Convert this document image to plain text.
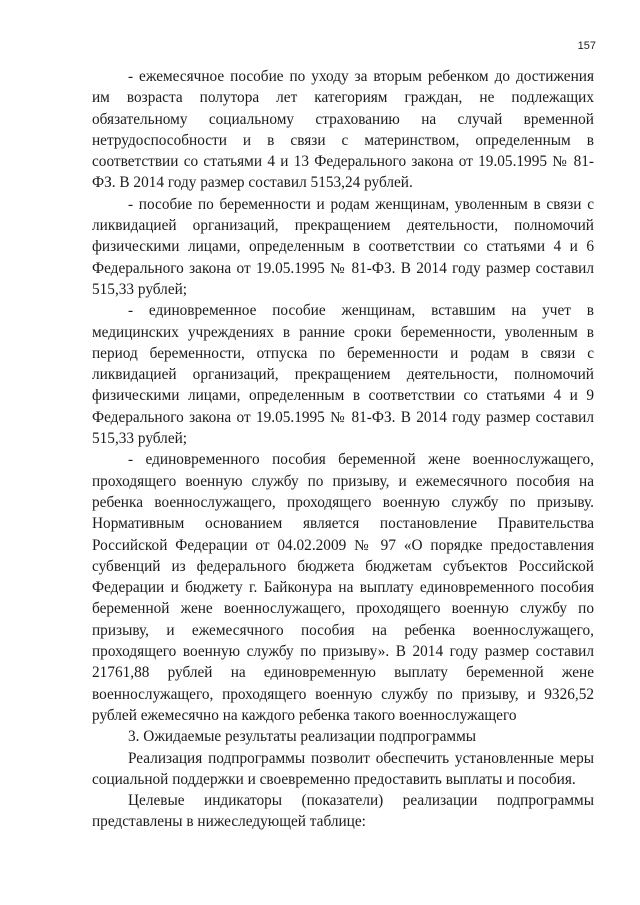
157

- ежемесячное пособие по уходу за вторым ребенком до достижения им возраста полутора лет категориям граждан, не подлежащих обязательному социальному страхованию на случай временной нетрудоспособности и в связи с материнством, определенным в соответствии со статьями 4 и 13 Федерального закона от 19.05.1995 № 81-ФЗ. В 2014 году размер составил 5153,24 рублей.

- пособие по беременности и родам женщинам, уволенным в связи с ликвидацией организаций, прекращением деятельности, полномочий физическими лицами, определенным в соответствии со статьями 4 и 6 Федерального закона от 19.05.1995 № 81-ФЗ. В 2014 году размер составил 515,33 рублей;

- единовременное пособие женщинам, вставшим на учет в медицинских учреждениях в ранние сроки беременности, уволенным в период беременности, отпуска по беременности и родам в связи с ликвидацией организаций, прекращением деятельности, полномочий физическими лицами, определенным в соответствии со статьями 4 и 9 Федерального закона от 19.05.1995 № 81-ФЗ. В 2014 году размер составил 515,33 рублей;

- единовременного пособия беременной жене военнослужащего, проходящего военную службу по призыву, и ежемесячного пособия на ребенка военнослужащего, проходящего военную службу по призыву. Нормативным основанием является постановление Правительства Российской Федерации от 04.02.2009 № 97 «О порядке предоставления субвенций из федерального бюджета бюджетам субъектов Российской Федерации и бюджету г. Байконура на выплату единовременного пособия беременной жене военнослужащего, проходящего военную службу по призыву, и ежемесячного пособия на ребенка военнослужащего, проходящего военную службу по призыву». В 2014 году размер составил 21761,88 рублей на единовременную выплату беременной жене военнослужащего, проходящего военную службу по призыву, и 9326,52 рублей ежемесячно на каждого ребенка такого военнослужащего

3. Ожидаемые результаты реализации подпрограммы

Реализация подпрограммы позволит обеспечить установленные меры социальной поддержки и своевременно предоставить выплаты и пособия.

Целевые индикаторы (показатели) реализации подпрограммы представлены в нижеследующей таблице:
